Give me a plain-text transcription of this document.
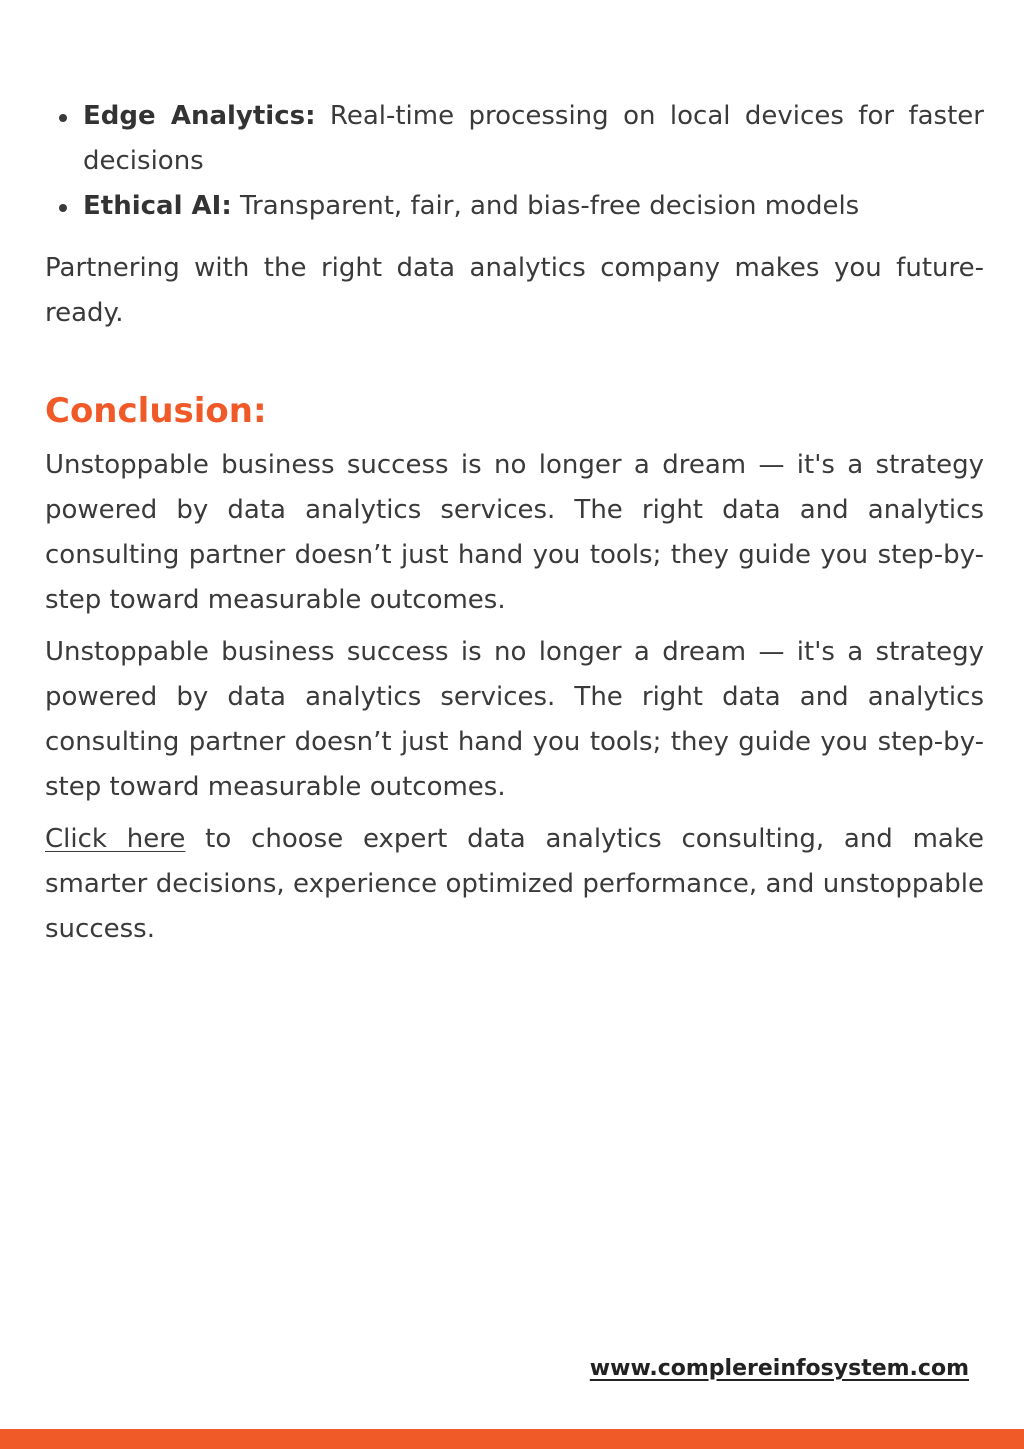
Edge Analytics: Real-time processing on local devices for faster decisions
Ethical AI: Transparent, fair, and bias-free decision models

Partnering with the right data analytics company makes you future-ready.

Conclusion:

Unstoppable business success is no longer a dream — it's a strategy powered by data analytics services. The right data and analytics consulting partner doesn’t just hand you tools; they guide you step-by-step toward measurable outcomes.

Unstoppable business success is no longer a dream — it's a strategy powered by data analytics services. The right data and analytics consulting partner doesn’t just hand you tools; they guide you step-by-step toward measurable outcomes.

Click here to choose expert data analytics consulting, and make smarter decisions, experience optimized performance, and unstoppable success.

www.complereinfosystem.com
